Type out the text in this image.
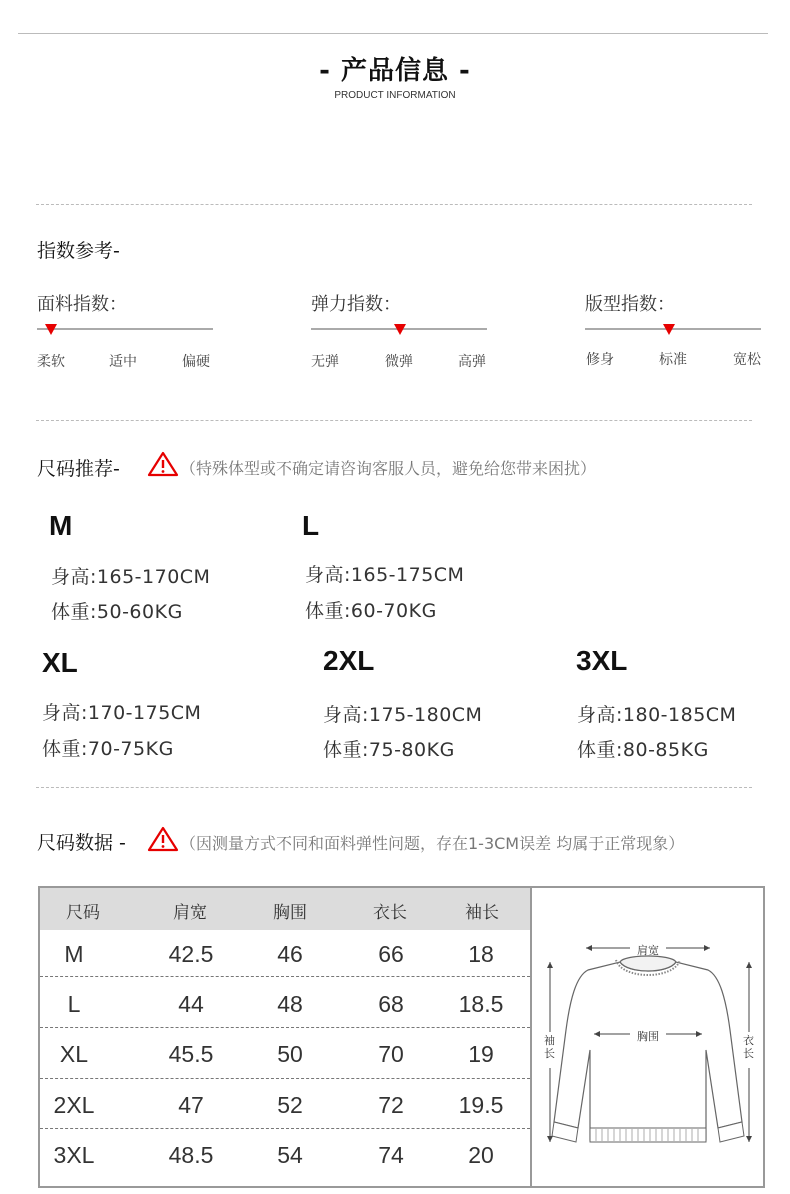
- 产品信息 -
PRODUCT INFORMATION
指数参考-
面料指数：
柔软	适中	偏硬
弹力指数：
无弹	微弹	高弹
版型指数：
修身	标准	宽松
尺码推荐-	（特殊体型或不确定请咨询客服人员，避免给您带来困扰）
M
身高:165-170CM
体重:50-60KG
L
身高:165-175CM
体重:60-70KG
XL
身高:170-175CM
体重:70-75KG
2XL
身高:175-180CM
体重:75-80KG
3XL
身高:180-185CM
体重:80-85KG
尺码数据 -	（因测量方式不同和面料弹性问题，存在1-3CM误差 均属于正常现象）
尺码	肩宽	胸围	衣长	袖长
M	42.5	46	66	18
L	44	48	68	18.5
XL	45.5	50	70	19
2XL	47	52	72	19.5
3XL	48.5	54	74	20
肩宽
胸围
袖长
衣长
